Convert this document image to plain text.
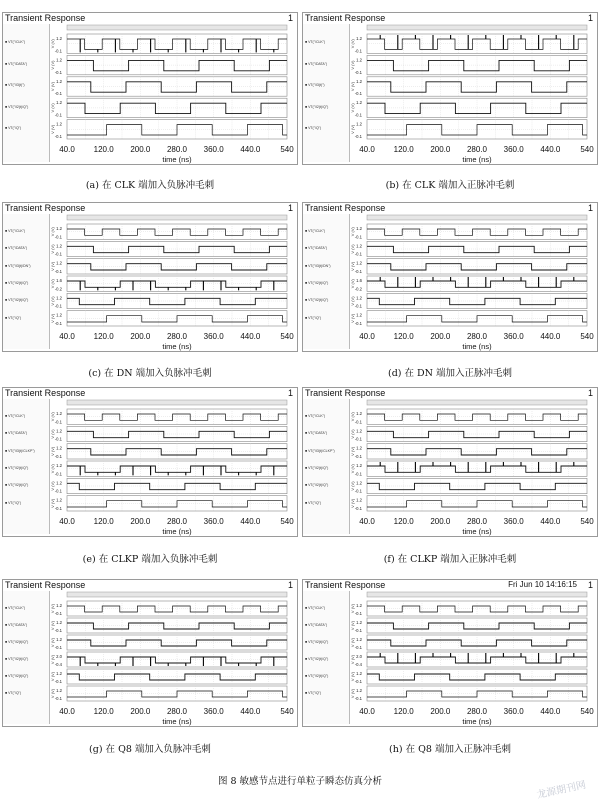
Transient Response	1
■ VT("/CLK")
■ VT("/DATA")
■ VT("/I3(t)")
■ VT("/I2(t)/Q")
■ VT("/Q")
1.2
-0.1
V (V)
1.2
-0.1
V (V)
1.2
-0.1
V (V)
1.2
-0.1
V (V)
1.2
-0.1
V (V)
40.0 120.0 200.0 280.0 360.0 440.0 540
time (ns)
(a) 在 CLK 端加入负脉冲毛刺
Transient Response	1
■ VT("/CLK")
■ VT("/DATA")
■ VT("/I3(t)")
■ VT("/I2(t)/Q")
■ VT("/Q")
1.2
-0.1
V (V)
1.2
-0.1
V (V)
1.2
-0.1
V (V)
1.2
-0.1
V (V)
1.2
-0.1
V (V)
40.0 120.0 200.0 280.0 360.0 440.0 540
time (ns)
(b) 在 CLK 端加入正脉冲毛刺
Transient Response	1
■ VT("/CLK")
■ VT("/DATA")
■ VT("/I3(t)/DN")
■ VT("/I2(t)/Q")
■ VT("/I2(t)/Q")
■ VT("/Q")
1.2
-0.1
V (V)
1.2
-0.1
V (V)
1.2
-0.1
V (V)
1.6
-0.2
V (V)
1.2
-0.1
V (V)
1.2
-0.1
V (V)
40.0 120.0 200.0 280.0 360.0 440.0 540
time (ns)
(c) 在 DN 端加入负脉冲毛刺
Transient Response	1
■ VT("/CLK")
■ VT("/DATA")
■ VT("/I3(t)/DN")
■ VT("/I2(t)/Q")
■ VT("/I2(t)/Q")
■ VT("/Q")
1.2
-0.1
V (V)
1.2
-0.1
V (V)
1.2
-0.1
V (V)
1.6
-0.2
V (V)
1.2
-0.1
V (V)
1.2
-0.1
V (V)
40.0 120.0 200.0 280.0 360.0 440.0 540
time (ns)
(d) 在 DN 端加入正脉冲毛刺
Transient Response	1
■ VT("/CLK")
■ VT("/DATA")
■ VT("/I3(t)/CLKP")
■ VT("/I2(t)/Q")
■ VT("/I2(t)/Q")
■ VT("/Q")
1.2
-0.1
V (V)
1.2
-0.1
V (V)
1.2
-0.1
V (V)
1.2
-0.1
V (V)
1.2
-0.1
V (V)
1.2
-0.1
V (V)
40.0 120.0 200.0 280.0 360.0 440.0 540
time (ns)
(e) 在 CLKP 端加入负脉冲毛刺
Transient Response	1
■ VT("/CLK")
■ VT("/DATA")
■ VT("/I3(t)/CLKP")
■ VT("/I2(t)/Q")
■ VT("/I2(t)/Q")
■ VT("/Q")
1.2
-0.1
V (V)
1.2
-0.1
V (V)
1.2
-0.1
V (V)
1.2
-0.1
V (V)
1.2
-0.1
V (V)
1.2
-0.1
V (V)
40.0 120.0 200.0 280.0 360.0 440.0 540
time (ns)
(f) 在 CLKP 端加入正脉冲毛刺
Transient Response	1
■ VT("/CLK")
■ VT("/DATA")
■ VT("/I2(t)/Q")
■ VT("/I2(t)/Q")
■ VT("/I2(t)/Q")
■ VT("/Q")
1.2
-0.1
V (V)
1.2
-0.1
V (V)
1.2
-0.1
V (V)
2.0
-0.4
V (V)
1.2
-0.1
V (V)
1.2
-0.1
V (V)
40.0 120.0 200.0 280.0 360.0 440.0 540
time (ns)
(g) 在 Q8 端加入负脉冲毛刺
Transient Response	1
Fri Jun 10 14:16:15
■ VT("/CLK")
■ VT("/DATA")
■ VT("/I2(t)/Q")
■ VT("/I2(t)/Q")
■ VT("/I2(t)/Q")
■ VT("/Q")
1.2
-0.1
V (V)
1.2
-0.1
V (V)
1.2
-0.1
V (V)
2.0
-0.4
V (V)
1.2
-0.1
V (V)
1.2
-0.1
V (V)
40.0 120.0 200.0 280.0 360.0 440.0 540
time (ns)
(h) 在 Q8 端加入正脉冲毛刺
图 8 敏感节点进行单粒子瞬态仿真分析	龙源期刊网
